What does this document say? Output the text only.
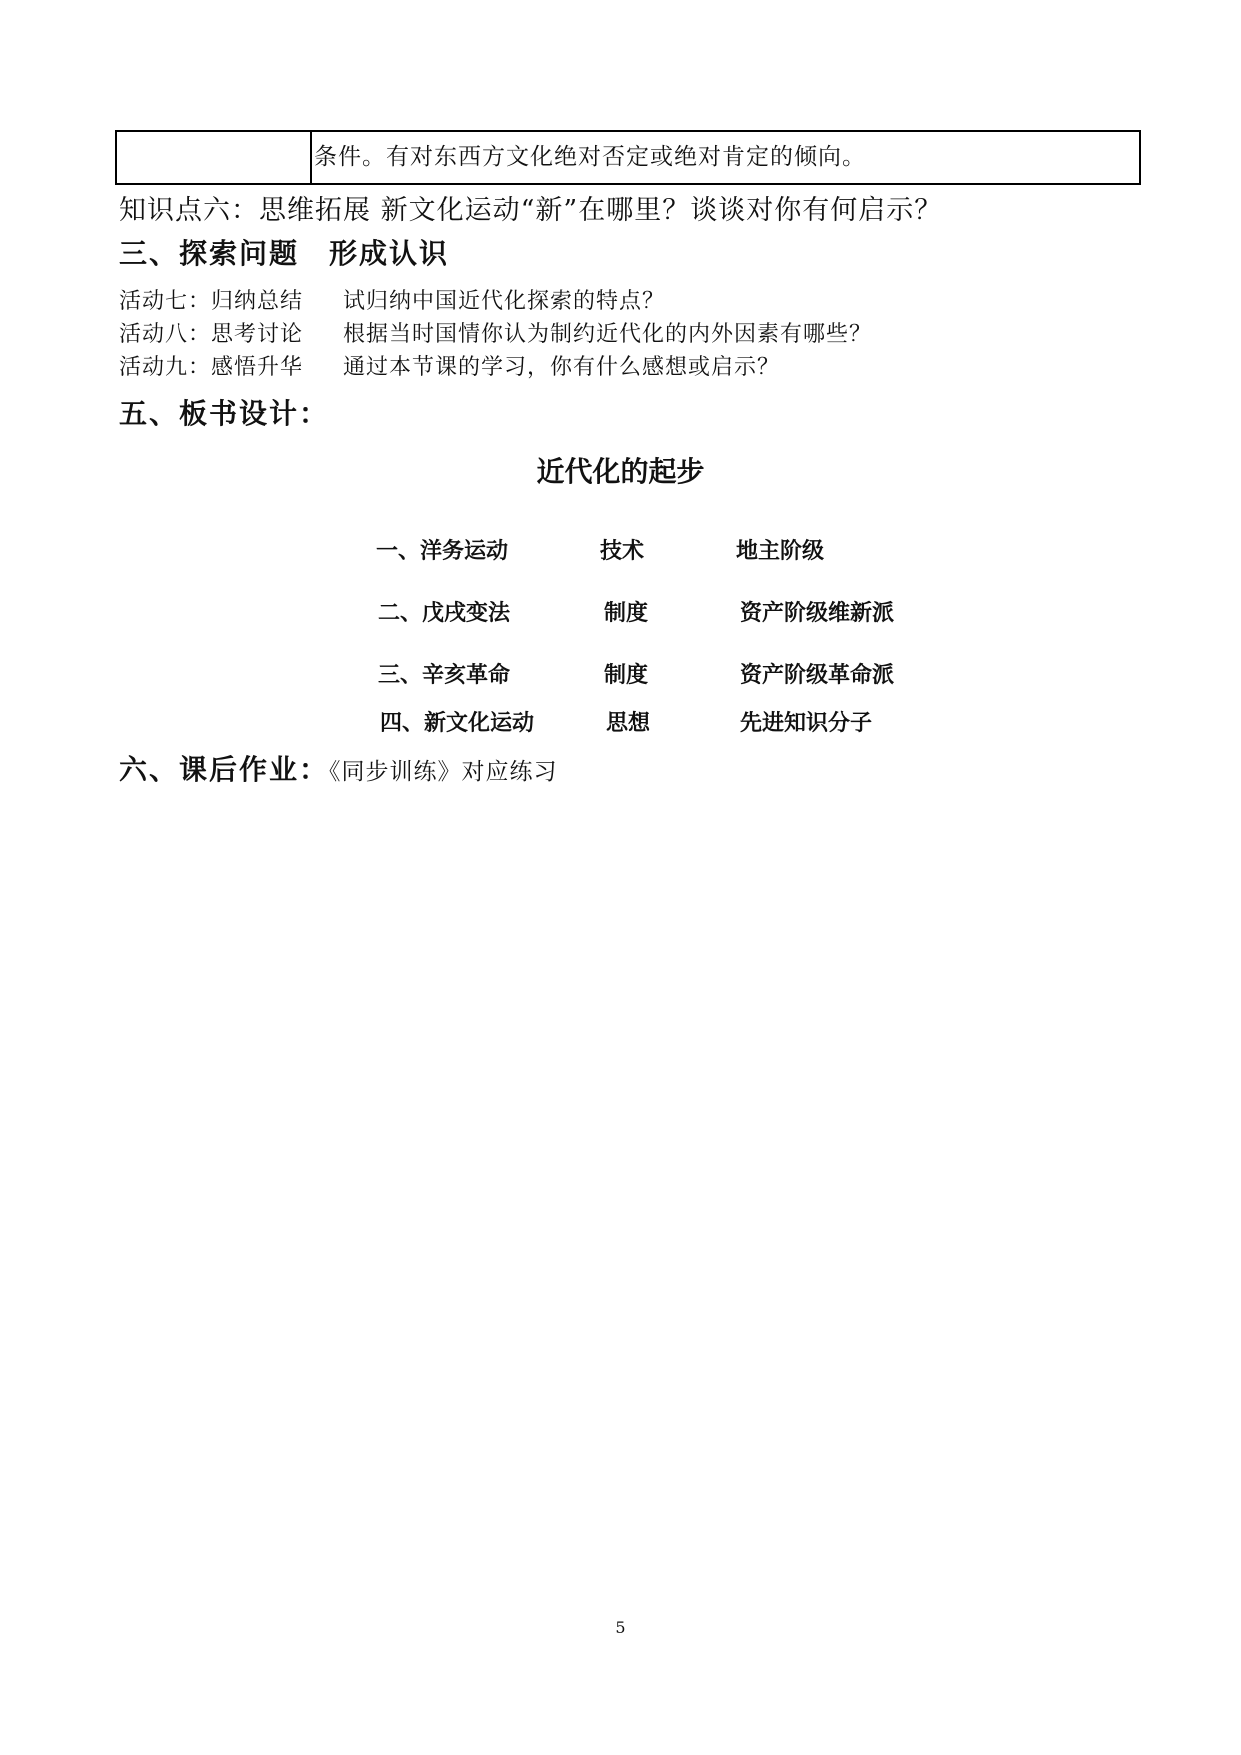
条件。有对东西方文化绝对否定或绝对肯定的倾向。
知识点六：思维拓展 新文化运动“新”在哪里？谈谈对你有何启示？
三、探索问题　形成认识
活动七：归纳总结 试归纳中国近代化探索的特点？
活动八：思考讨论 根据当时国情你认为制约近代化的内外因素有哪些？
活动九：感悟升华 通过本节课的学习，你有什么感想或启示？
五、板书设计：
近代化的起步
一、洋务运动	技术	地主阶级
二、戊戌变法	制度	资产阶级维新派
三、辛亥革命	制度	资产阶级革命派
四、新文化运动	思想	先进知识分子
六、课后作业：《同步训练》对应练习
5
